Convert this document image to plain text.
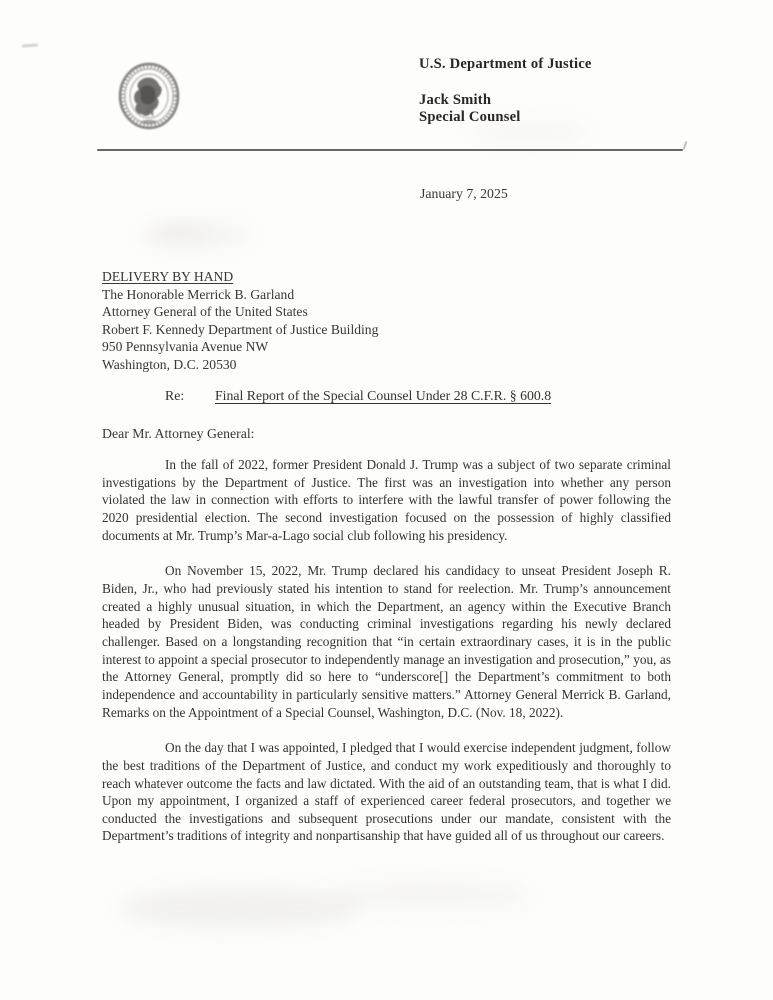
U.S. Department of Justice
Jack Smith
Special Counsel
January 7, 2025
DELIVERY BY HAND
The Honorable Merrick B. Garland
Attorney General of the United States
Robert F. Kennedy Department of Justice Building
950 Pennsylvania Avenue NW
Washington, D.C. 20530
Re: Final Report of the Special Counsel Under 28 C.F.R. § 600.8
Dear Mr. Attorney General:

In the fall of 2022, former President Donald J. Trump was a subject of two separate criminal investigations by the Department of Justice. The first was an investigation into whether any person violated the law in connection with efforts to interfere with the lawful transfer of power following the 2020 presidential election. The second investigation focused on the possession of highly classified documents at Mr. Trump’s Mar-a-Lago social club following his presidency.

On November 15, 2022, Mr. Trump declared his candidacy to unseat President Joseph R. Biden, Jr., who had previously stated his intention to stand for reelection. Mr. Trump’s announcement created a highly unusual situation, in which the Department, an agency within the Executive Branch headed by President Biden, was conducting criminal investigations regarding his newly declared challenger. Based on a longstanding recognition that “in certain extraordinary cases, it is in the public interest to appoint a special prosecutor to independently manage an investigation and prosecution,” you, as the Attorney General, promptly did so here to “underscore[] the Department’s commitment to both independence and accountability in particularly sensitive matters.” Attorney General Merrick B. Garland, Remarks on the Appointment of a Special Counsel, Washington, D.C. (Nov. 18, 2022).

On the day that I was appointed, I pledged that I would exercise independent judgment, follow the best traditions of the Department of Justice, and conduct my work expeditiously and thoroughly to reach whatever outcome the facts and law dictated. With the aid of an outstanding team, that is what I did. Upon my appointment, I organized a staff of experienced career federal prosecutors, and together we conducted the investigations and subsequent prosecutions under our mandate, consistent with the Department’s traditions of integrity and nonpartisanship that have guided all of us throughout our careers.
